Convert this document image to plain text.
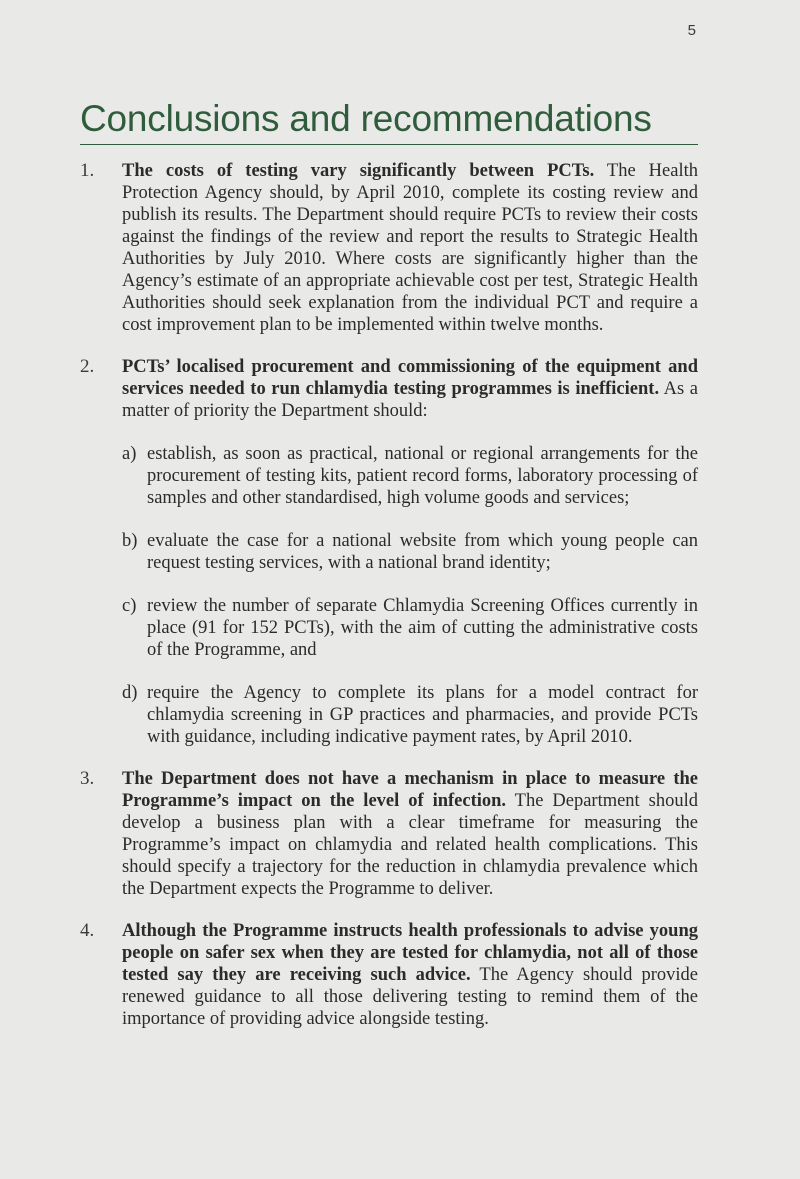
5
Conclusions and recommendations
1.	The costs of testing vary significantly between PCTs. The Health Protection Agency should, by April 2010, complete its costing review and publish its results. The Department should require PCTs to review their costs against the findings of the review and report the results to Strategic Health Authorities by July 2010. Where costs are significantly higher than the Agency’s estimate of an appropriate achievable cost per test, Strategic Health Authorities should seek explanation from the individual PCT and require a cost improvement plan to be implemented within twelve months.

2.	PCTs’ localised procurement and commissioning of the equipment and services needed to run chlamydia testing programmes is inefficient. As a matter of priority the Department should:

a) establish, as soon as practical, national or regional arrangements for the procurement of testing kits, patient record forms, laboratory processing of samples and other standardised, high volume goods and services;

b) evaluate the case for a national website from which young people can request testing services, with a national brand identity;

c) review the number of separate Chlamydia Screening Offices currently in place (91 for 152 PCTs), with the aim of cutting the administrative costs of the Programme, and

d) require the Agency to complete its plans for a model contract for chlamydia screening in GP practices and pharmacies, and provide PCTs with guidance, including indicative payment rates, by April 2010.

3.	The Department does not have a mechanism in place to measure the Programme’s impact on the level of infection. The Department should develop a business plan with a clear timeframe for measuring the Programme’s impact on chlamydia and related health complications. This should specify a trajectory for the reduction in chlamydia prevalence which the Department expects the Programme to deliver.

4.	Although the Programme instructs health professionals to advise young people on safer sex when they are tested for chlamydia, not all of those tested say they are receiving such advice. The Agency should provide renewed guidance to all those delivering testing to remind them of the importance of providing advice alongside testing.
